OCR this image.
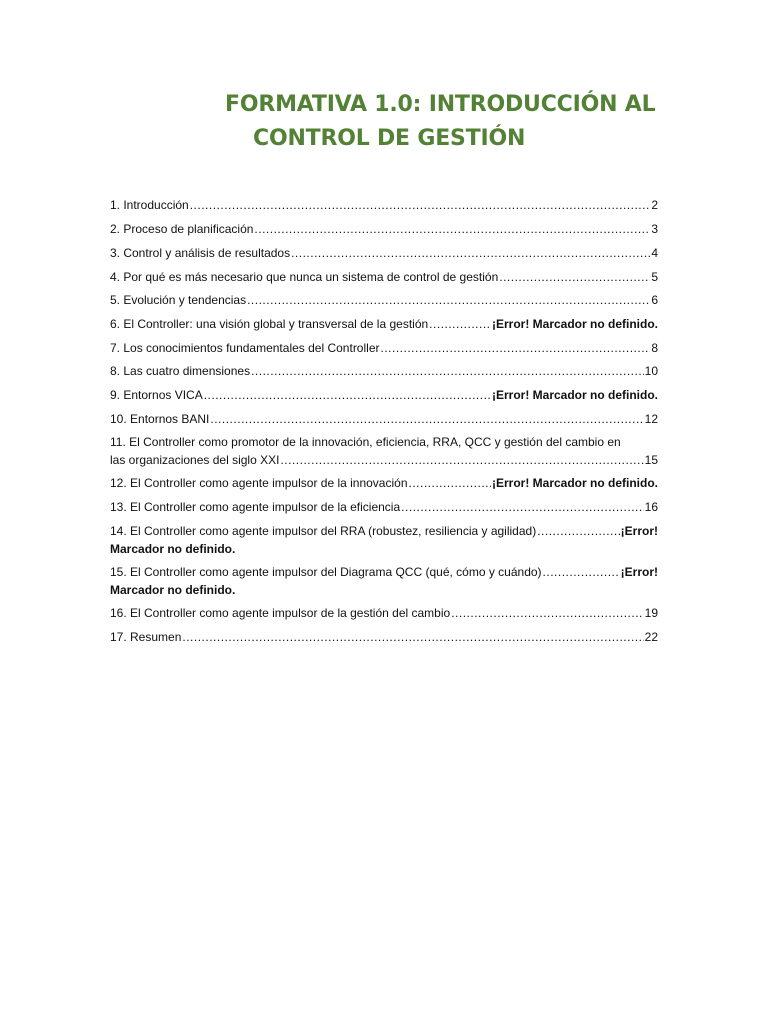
FORMATIVA 1.0: INTRODUCCIÓN AL
CONTROL DE GESTIÓN
1. Introducción .....	2
2. Proceso de planificación .....	3
3. Control y análisis de resultados .....	4
4. Por qué es más necesario que nunca un sistema de control de gestión .....	5
5. Evolución y tendencias .....	6
6. El Controller: una visión global y transversal de la gestión .....	¡Error! Marcador no definido.
7. Los conocimientos fundamentales del Controller .....	8
8. Las cuatro dimensiones .....	10
9. Entornos VICA .....	¡Error! Marcador no definido.
10. Entornos BANI .....	12
11. El Controller como promotor de la innovación, eficiencia, RRA, QCC y gestión del cambio en
las organizaciones del siglo XXI .....	15
12. El Controller como agente impulsor de la innovación .....	¡Error! Marcador no definido.
13. El Controller como agente impulsor de la eficiencia .....	16
14. El Controller como agente impulsor del RRA (robustez, resiliencia y agilidad) .....	¡Error!
Marcador no definido.
15. El Controller como agente impulsor del Diagrama QCC (qué, cómo y cuándo) .....	¡Error!
Marcador no definido.
16. El Controller como agente impulsor de la gestión del cambio .....	19
17. Resumen .....	22
